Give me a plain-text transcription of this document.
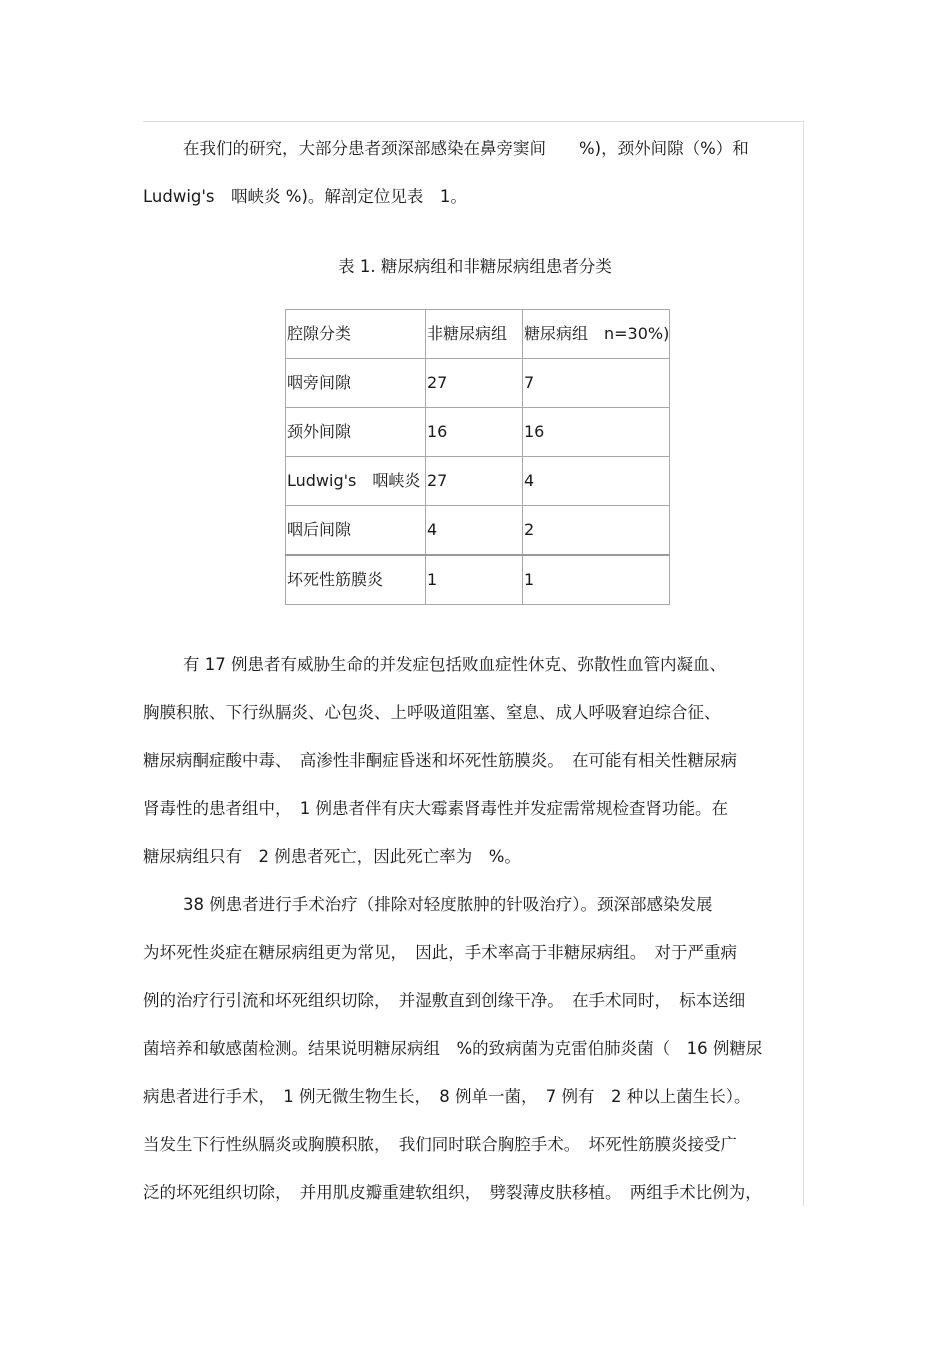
在我们的研究，大部分患者颈深部感染在鼻旁窦间　　%)，颈外间隙（%）和
Ludwig's　咽峡炎 %)。解剖定位见表　1。
表 1. 糖尿病组和非糖尿病组患者分类
腔隙分类	非糖尿病组	糖尿病组　n=30%)
咽旁间隙	27	7
颈外间隙	16	16
Ludwig's　咽峡炎	27	4
咽后间隙	4	2
坏死性筋膜炎	1	1
有 17 例患者有威胁生命的并发症包括败血症性休克、弥散性血管内凝血、
胸膜积脓、下行纵膈炎、心包炎、上呼吸道阻塞、窒息、成人呼吸窘迫综合征、
糖尿病酮症酸中毒、　高渗性非酮症昏迷和坏死性筋膜炎。　在可能有相关性糖尿病
肾毒性的患者组中，　1 例患者伴有庆大霉素肾毒性并发症需常规检查肾功能。在
糖尿病组只有　2 例患者死亡，因此死亡率为　%。
38 例患者进行手术治疗（排除对轻度脓肿的针吸治疗）。颈深部感染发展
为坏死性炎症在糖尿病组更为常见，　因此，手术率高于非糖尿病组。　对于严重病
例的治疗行引流和坏死组织切除，　并湿敷直到创缘干净。　在手术同时，　标本送细
菌培养和敏感菌检测。结果说明糖尿病组　%的致病菌为克雷伯肺炎菌（　16 例糖尿
病患者进行手术，　1 例无微生物生长，　8 例单一菌，　7 例有　2 种以上菌生长）。
当发生下行性纵膈炎或胸膜积脓，　我们同时联合胸腔手术。　坏死性筋膜炎接受广
泛的坏死组织切除，　并用肌皮瓣重建软组织，　劈裂薄皮肤移植。　两组手术比例为，
